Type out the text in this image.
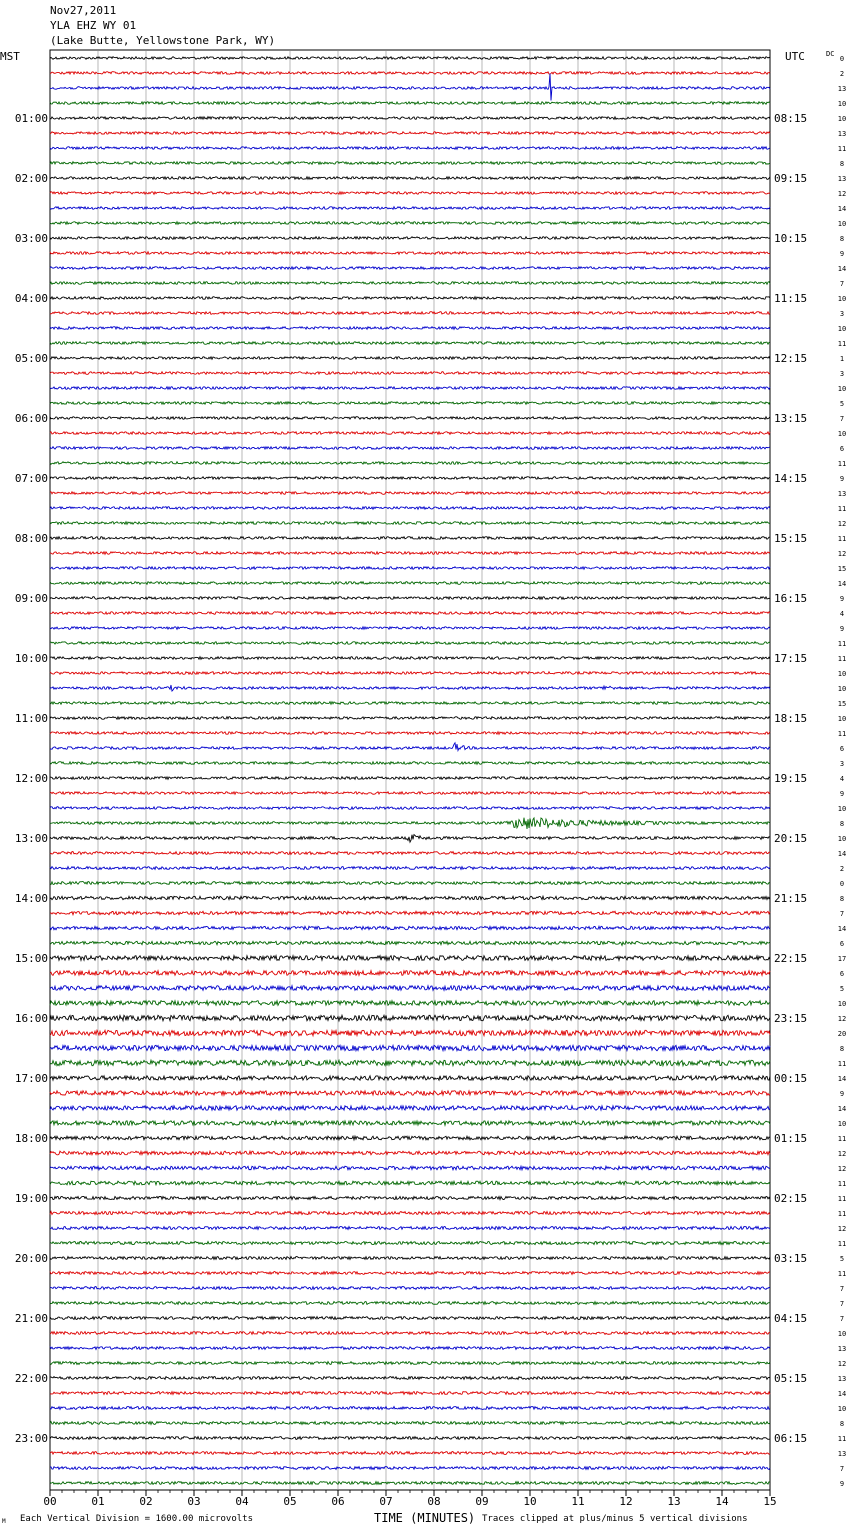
Nov27,2011
YLA EHZ WY 01
(Lake Butte, Yellowstone Park, WY)
00	01	02	03	04	05	06	07	08	09	10	11	12	13	14	15
MST	UTC	DC
0
2
13
10
10
01:00	08:15
13
11
8
13
02:00	09:15
12
14
10
8
03:00	10:15
9
14
7
10
04:00	11:15
3
10
11
1
05:00	12:15
3
10
5
7
06:00	13:15
10
6
11
9
07:00	14:15
13
11
12
11
08:00	15:15
12
15
14
9
09:00	16:15
4
9
11
11
10:00	17:15
10
10
15
10
11:00	18:15
11
6
3
4
12:00	19:15
9
10
8
10
13:00	20:15
14
2
0
8
14:00	21:15
7
14
6
17
15:00	22:15
6
5
10
12
16:00	23:15
20
8
11
14
17:00	00:15
9
14
10
11
18:00	01:15
12
12
11
11
19:00	02:15
11
12
11
5
20:00	03:15
11
7
7
7
21:00	04:15
10
13
12
13
22:00	05:15
14
10
8
11
23:00	06:15
13
7
9
Each Vertical Division = 1600.00 microvolts
M	TIME (MINUTES) Traces clipped at plus/minus 5 vertical divisions
